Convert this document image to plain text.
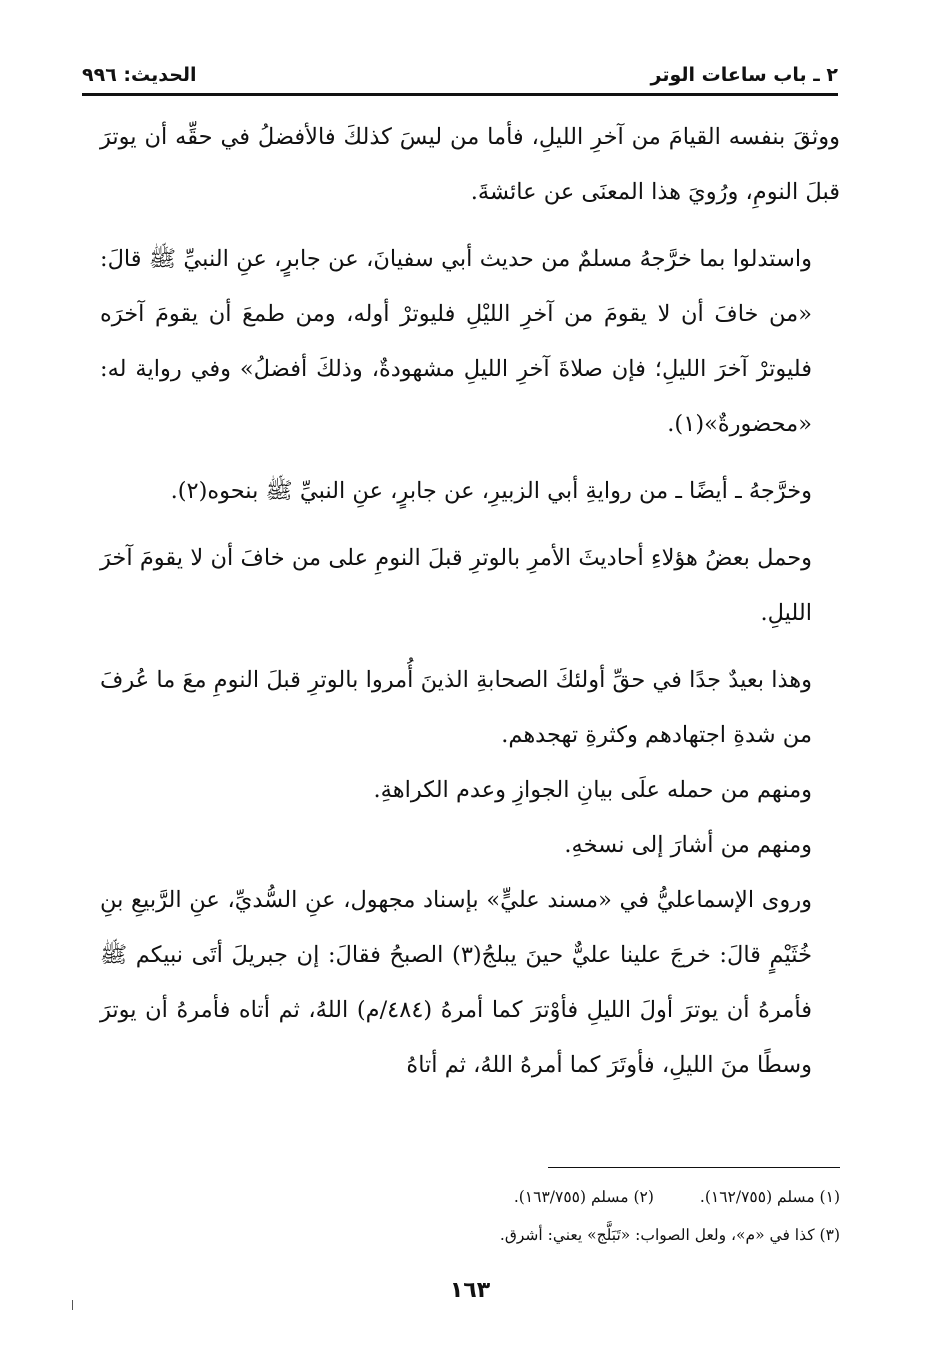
٢ ـ باب ساعات الوتر
الحديث: ٩٩٦

ووثقَ بنفسه القيامَ من آخرِ الليلِ، فأما من ليسَ كذلكَ فالأفضلُ في حقِّه أن يوترَ قبلَ النومِ، ورُويَ هذا المعنَى عن عائشةَ.

واستدلوا بما خرَّجهُ مسلمٌ من حديث أبي سفيانَ، عن جابرٍ، عنِ النبيِّ ﷺ قالَ: «من خافَ أن لا يقومَ من آخرِ الليْلِ فليوترْ أوله، ومن طمعَ أن يقومَ آخرَه فليوترْ آخرَ الليلِ؛ فإن صلاةَ آخرِ الليلِ مشهودةٌ، وذلكَ أفضلُ» وفي رواية له: «محضورةٌ»(١).

وخرَّجهُ ـ أيضًا ـ من روايةِ أبي الزبيرِ، عن جابرٍ، عنِ النبيِّ ﷺ بنحوه(٢).

وحمل بعضُ هؤلاءِ أحاديثَ الأمرِ بالوترِ قبلَ النومِ على من خافَ أن لا يقومَ آخرَ الليلِ.

وهذا بعيدٌ جدًا في حقِّ أولئكَ الصحابةِ الذينَ أُمروا بالوترِ قبلَ النومِ معَ ما عُرفَ من شدةِ اجتهادهم وكثرةِ تهجدهم.

ومنهم من حمله علَى بيانِ الجوازِ وعدم الكراهةِ.

ومنهم من أشارَ إلى نسخهِ.

وروى الإسماعليُّ في «مسند عليٍّ» بإسناد مجهول، عنِ السُّديِّ، عنِ الرَّبيعِ بنِ خُثَيْمٍ قالَ: خرجَ علينا عليٌّ حينَ يبلجُ(٣) الصبحُ فقالَ: إن جبريلَ أتَى نبيكم ﷺ فأمرهُ أن يوترَ أولَ الليلِ فأوْترَ كما أمرهُ (٤٨٤/م) اللهُ، ثم أتاه فأمرهُ أن يوترَ وسطًا منَ الليلِ، فأوتَرَ كما أمرهُ اللهُ، ثم أتاهُ

(١) مسلم (١٦٢/٧٥٥).(٢) مسلم (١٦٣/٧٥٥).
(٣) كذا في «م»، ولعل الصواب: «تَبَلَّج» يعني: أشرق.
١٦٣
